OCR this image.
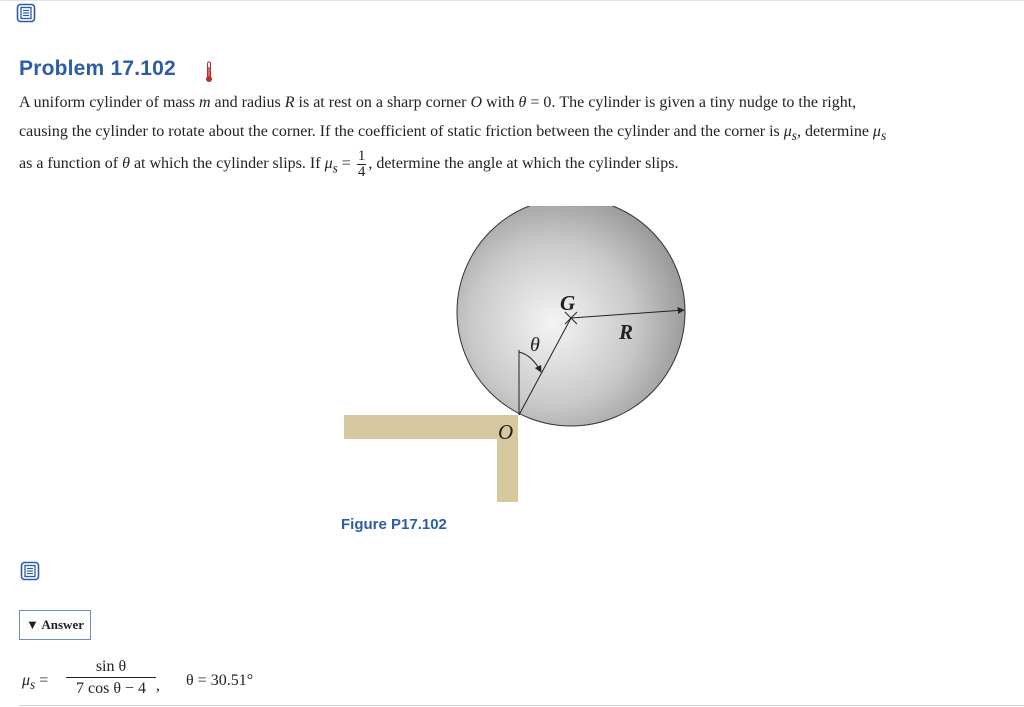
Problem 17.102
A uniform cylinder of mass m and radius R is at rest on a sharp corner O with θ = 0. The cylinder is given a tiny nudge to the right,
causing the cylinder to rotate about the corner. If the coefficient of static friction between the cylinder and the corner is $\mu_s$, determine $\mu_s$
as a function of θ at which the cylinder slips. If $\mu_s = \frac{1}{4}$ , determine the angle at which the cylinder slips.
G
R
θ
O
Figure P17.102
▼ Answer
$\mu_s = \frac{\text{sin θ}}{\text{7 cos θ − 4}}$ , θ = 30.51°
